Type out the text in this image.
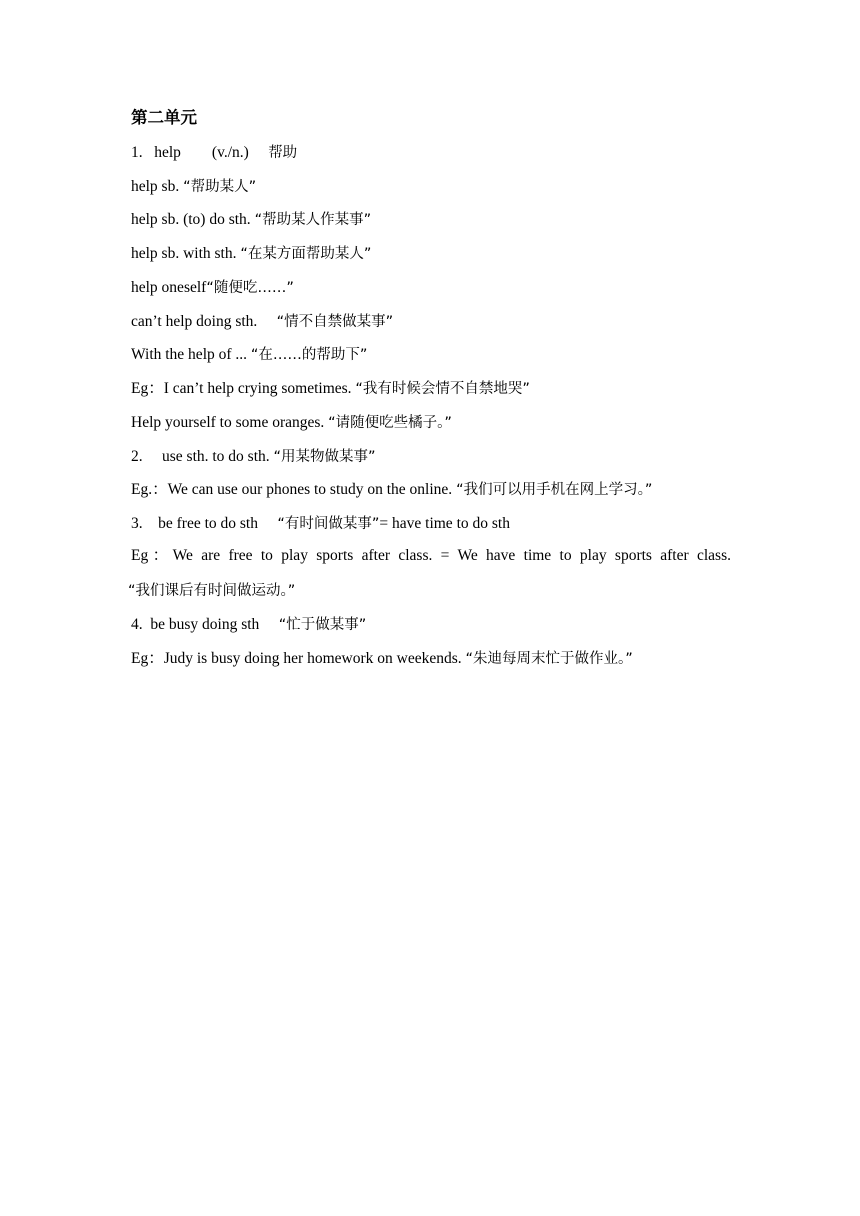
第二单元
1.   help        (v./n.)     帮助
help sb. “帮助某人”
help sb. (to) do sth. “帮助某人作某事”
help sb. with sth. “在某方面帮助某人”
help oneself“随便吃……”
can’t help doing sth.     “情不自禁做某事”
With the help of ... “在……的帮助下”
Eg：I can’t help crying sometimes. “我有时候会情不自禁地哭”
Help yourself to some oranges. “请随便吃些橘子。”
2.     use sth. to do sth. “用某物做某事”
Eg.：We can use our phones to study on the online. “我们可以用手机在网上学习。”
3.    be free to do sth     “有时间做某事”= have time to do sth
Eg：We are free to play sports after class. = We have time to play sports after class.
“我们课后有时间做运动。”
4.  be busy doing sth     “忙于做某事”
Eg：Judy is busy doing her homework on weekends. “朱迪每周末忙于做作业。”
